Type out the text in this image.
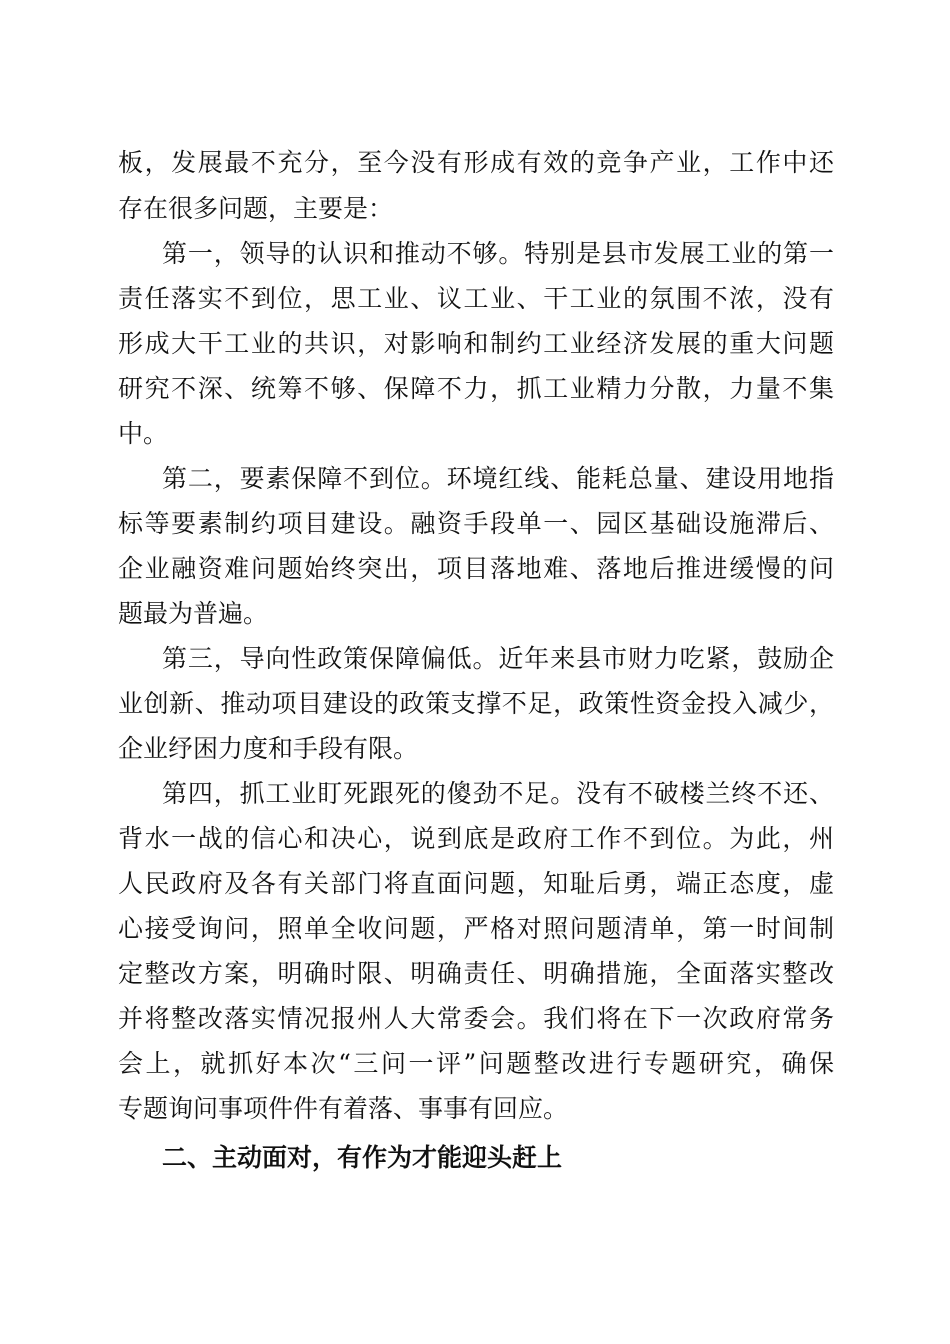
板，发展最不充分，至今没有形成有效的竞争产业，工作中还
存在很多问题，主要是：
第一，领导的认识和推动不够。特别是县市发展工业的第一
责任落实不到位，思工业、议工业、干工业的氛围不浓，没有
形成大干工业的共识，对影响和制约工业经济发展的重大问题
研究不深、统筹不够、保障不力，抓工业精力分散，力量不集
中。
第二，要素保障不到位。环境红线、能耗总量、建设用地指
标等要素制约项目建设。融资手段单一、园区基础设施滞后、
企业融资难问题始终突出，项目落地难、落地后推进缓慢的问
题最为普遍。
第三，导向性政策保障偏低。近年来县市财力吃紧，鼓励企
业创新、推动项目建设的政策支撑不足，政策性资金投入减少，
企业纾困力度和手段有限。
第四，抓工业盯死跟死的傻劲不足。没有不破楼兰终不还、
背水一战的信心和决心，说到底是政府工作不到位。为此，州
人民政府及各有关部门将直面问题，知耻后勇，端正态度，虚
心接受询问，照单全收问题，严格对照问题清单，第一时间制
定整改方案，明确时限、明确责任、明确措施，全面落实整改
并将整改落实情况报州人大常委会。我们将在下一次政府常务
会上，就抓好本次“三问一评”问题整改进行专题研究，确保
专题询问事项件件有着落、事事有回应。
二、主动面对，有作为才能迎头赶上
